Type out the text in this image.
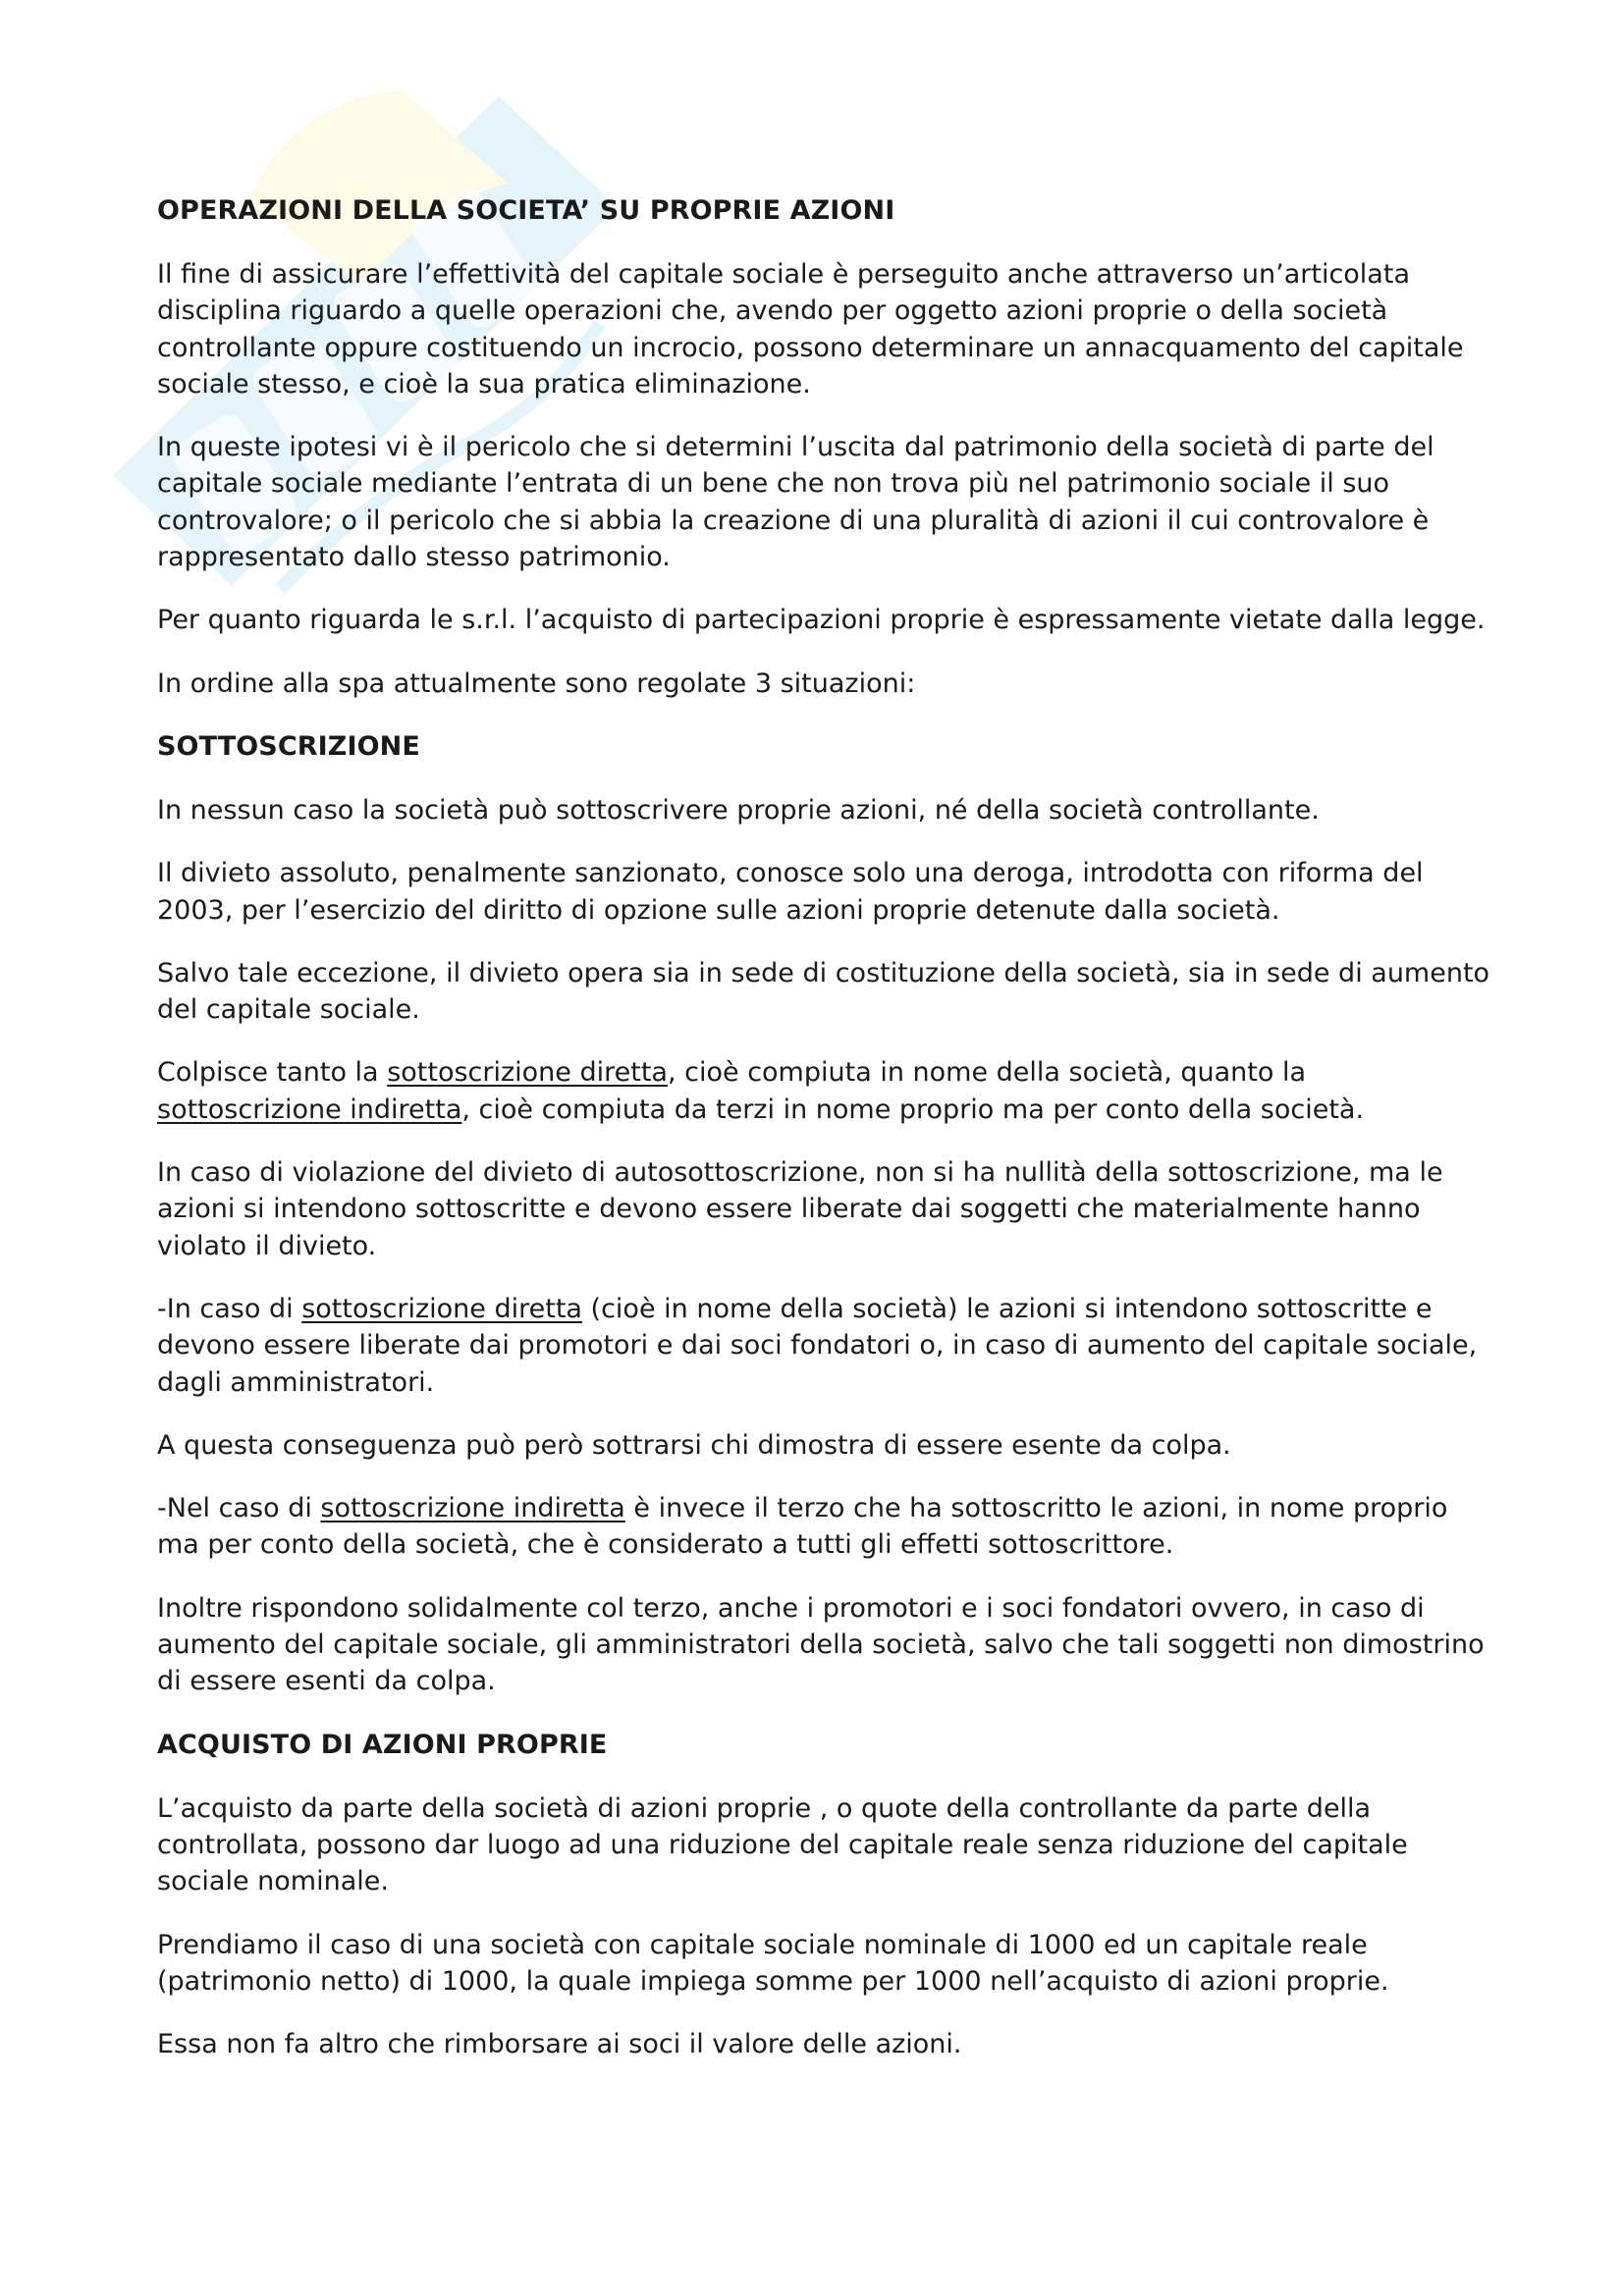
OPERAZIONI DELLA SOCIETA’ SU PROPRIE AZIONI

Il fine di assicurare l’effettività del capitale sociale è perseguito anche attraverso un’articolata disciplina riguardo a quelle operazioni che, avendo per oggetto azioni proprie o della società controllante oppure costituendo un incrocio, possono determinare un annacquamento del capitale sociale stesso, e cioè la sua pratica eliminazione.

In queste ipotesi vi è il pericolo che si determini l’uscita dal patrimonio della società di parte del capitale sociale mediante l’entrata di un bene che non trova più nel patrimonio sociale il suo controvalore; o il pericolo che si abbia la creazione di una pluralità di azioni il cui controvalore è rappresentato dallo stesso patrimonio.

Per quanto riguarda le s.r.l. l’acquisto di partecipazioni proprie è espressamente vietate dalla legge.

In ordine alla spa attualmente sono regolate 3 situazioni:

SOTTOSCRIZIONE

In nessun caso la società può sottoscrivere proprie azioni, né della società controllante.

Il divieto assoluto, penalmente sanzionato, conosce solo una deroga, introdotta con riforma del 2003, per l’esercizio del diritto di opzione sulle azioni proprie detenute dalla società.

Salvo tale eccezione, il divieto opera sia in sede di costituzione della società, sia in sede di aumento del capitale sociale.

Colpisce tanto la sottoscrizione diretta, cioè compiuta in nome della società, quanto la sottoscrizione indiretta, cioè compiuta da terzi in nome proprio ma per conto della società.

In caso di violazione del divieto di autosottoscrizione, non si ha nullità della sottoscrizione, ma le azioni si intendono sottoscritte e devono essere liberate dai soggetti che materialmente hanno violato il divieto.

-In caso di sottoscrizione diretta (cioè in nome della società) le azioni si intendono sottoscritte e devono essere liberate dai promotori e dai soci fondatori o, in caso di aumento del capitale sociale, dagli amministratori.

A questa conseguenza può però sottrarsi chi dimostra di essere esente da colpa.

-Nel caso di sottoscrizione indiretta è invece il terzo che ha sottoscritto le azioni, in nome proprio ma per conto della società, che è considerato a tutti gli effetti sottoscrittore.

Inoltre rispondono solidalmente col terzo, anche i promotori e i soci fondatori ovvero, in caso di aumento del capitale sociale, gli amministratori della società, salvo che tali soggetti non dimostrino di essere esenti da colpa.

ACQUISTO DI AZIONI PROPRIE

L’acquisto da parte della società di azioni proprie , o quote della controllante da parte della controllata, possono dar luogo ad una riduzione del capitale reale senza riduzione del capitale sociale nominale.

Prendiamo il caso di una società con capitale sociale nominale di 1000 ed un capitale reale (patrimonio netto) di 1000, la quale impiega somme per 1000 nell’acquisto di azioni proprie.

Essa non fa altro che rimborsare ai soci il valore delle azioni.
